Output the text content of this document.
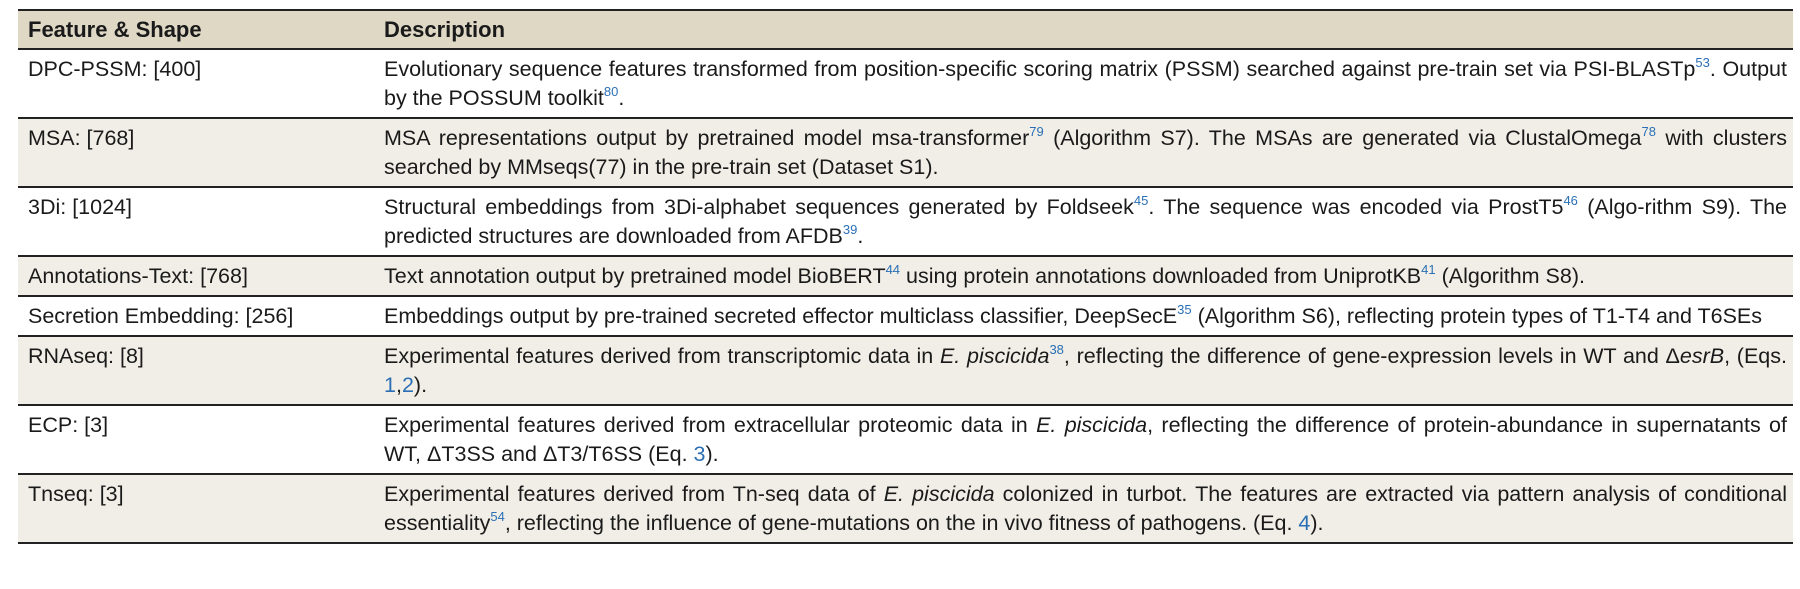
Feature & Shape	Description
DPC-PSSM: [400]	Evolutionary sequence features transformed from position-specific scoring matrix (PSSM) searched against pre-train set via PSI-BLASTp$^{53}$. Output by the POSSUM toolkit$^{80}$.
MSA: [768]	MSA representations output by pretrained model msa-transformer$^{79}$ (Algorithm S7). The MSAs are generated via ClustalOmega$^{78}$ with clusters searched by MMseqs(77) in the pre-train set (Dataset S1).
3Di: [1024]	Structural embeddings from 3Di-alphabet sequences generated by Foldseek$^{45}$. The sequence was encoded via $ProstT5^{46}$ (Algo-rithm S9). The predicted structures are downloaded from AFDB$^{39}$.
Annotations-Text: [768]	Text annotation output by pretrained model BioBERT$^{44}$ using protein annotations downloaded from UniprotKB$^{41}$ (Algorithm S8).
Secretion Embedding: [256]	Embeddings output by pre-trained secreted effector multiclass classifier, DeepSecE$^{35}$ (Algorithm S6), reflecting protein types of T1-T4 and T6SEs
RNAseq: [8]	Experimental features derived from transcriptomic data in E. piscicida$^{38}$, reflecting the difference of gene-expression levels in WT and ΔesrB, (Eqs. 1,2).
ECP: [3]	Experimental features derived from extracellular proteomic data in E. piscicida, reflecting the difference of protein-abundance in supernatants of WT, ΔT3SS and ΔT3/T6SS (Eq. 3).
Tnseq: [3]	Experimental features derived from Tn-seq data of E. piscicida colonized in turbot. The features are extracted via pattern analysis of conditional essentiality$^{54}$, reflecting the influence of gene-mutations on the in vivo fitness of pathogens. (Eq. 4).
